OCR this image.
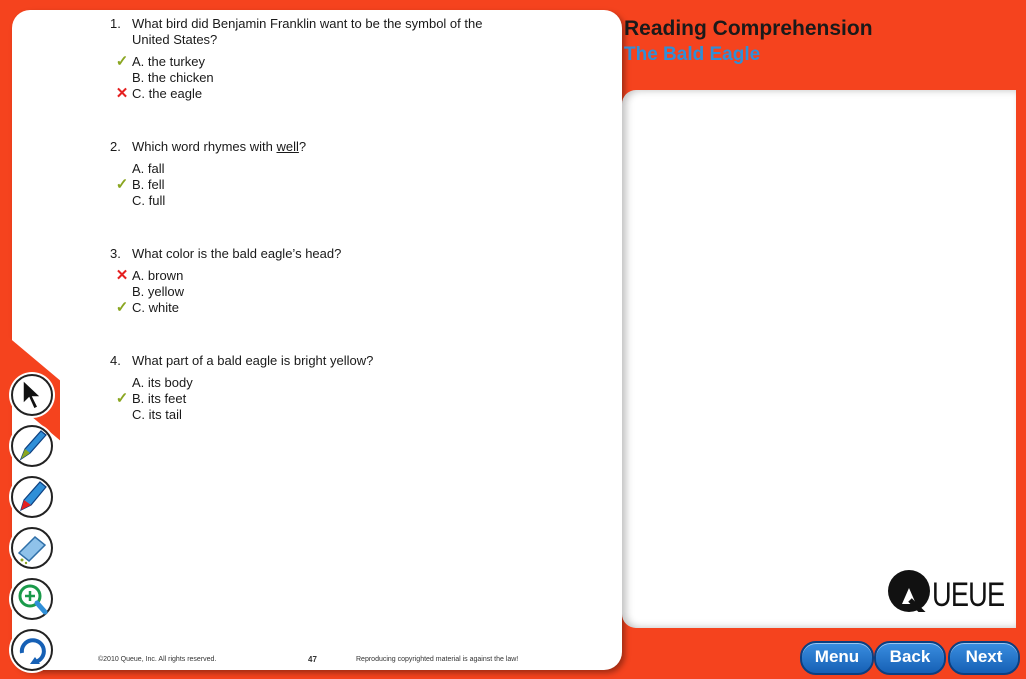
Reading Comprehension
The Bald Eagle
1. What bird did Benjamin Franklin want to be the symbol of the
United States?
✓ A. the turkey
B. the chicken
✕ C. the eagle
2. Which word rhymes with well?
A. fall
✓ B. fell
C. full
3. What color is the bald eagle’s head?
✕ A. brown
B. yellow
✓ C. white
4. What part of a bald eagle is bright yellow?
A. its body
✓ B. its feet
C. its tail
©2010 Queue, Inc. All rights reserved.	47	Reproducing copyrighted material is against the law!
UEUE
Menu	Back	Next
